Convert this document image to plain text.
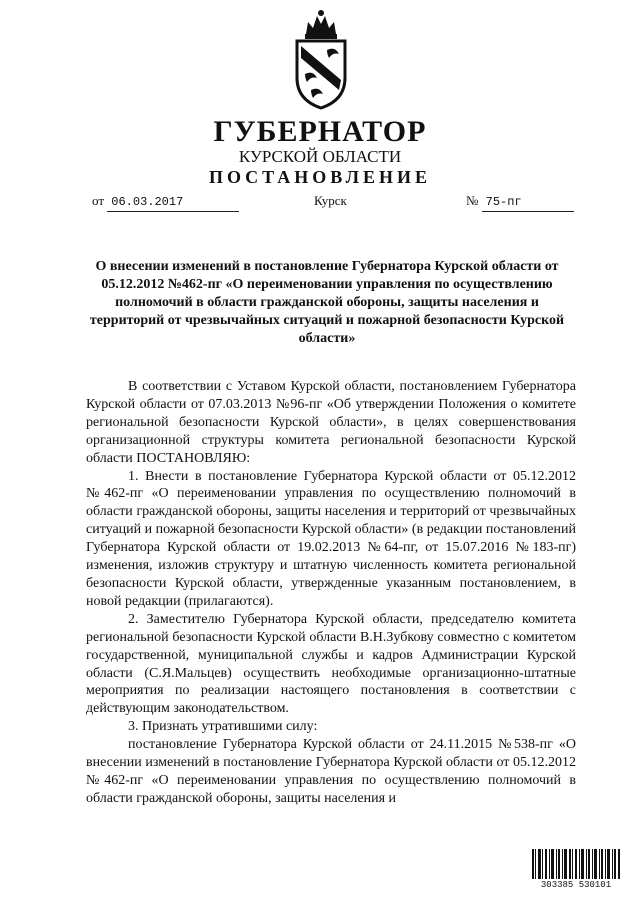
ГУБЕРНАТОР
КУРСКОЙ ОБЛАСТИ
ПОСТАНОВЛЕНИЕ
от 06.03.2017	Курск	№ 75-пг
О внесении изменений в постановление Губернатора Курской области от 05.12.2012 №462-пг «О переименовании управления по осуществлению полномочий в области гражданской обороны, защиты населения и территорий от чрезвычайных ситуаций и пожарной безопасности Курской области»

В соответствии с Уставом Курской области, постановлением Губернатора Курской области от 07.03.2013 №96-пг «Об утверждении Положения о комитете региональной безопасности Курской области», в целях совершенствования организационной структуры комитета региональной безопасности Курской области ПОСТАНОВЛЯЮ:

1. Внести в постановление Губернатора Курской области от 05.12.2012 №462-пг «О переименовании управления по осуществлению полномочий в области гражданской обороны, защиты населения и территорий от чрезвычайных ситуаций и пожарной безопасности Курской области» (в редакции постановлений Губернатора Курской области от 19.02.2013 №64-пг, от 15.07.2016 №183-пг) изменения, изложив структуру и штатную численность комитета региональной безопасности Курской области, утвержденные указанным постановлением, в новой редакции (прилагаются).

2. Заместителю Губернатора Курской области, председателю комитета региональной безопасности Курской области В.Н.Зубкову совместно с комитетом государственной, муниципальной службы и кадров Администрации Курской области (С.Я.Мальцев) осуществить необходимые организационно-штатные мероприятия по реализации настоящего постановления в соответствии с действующим законодательством.

3. Признать утратившими силу:

постановление Губернатора Курской области от 24.11.2015 №538-пг «О внесении изменений в постановление Губернатора Курской области от 05.12.2012 №462-пг «О переименовании управления по осуществлению полномочий в области гражданской обороны, защиты населения и

303385 530101
